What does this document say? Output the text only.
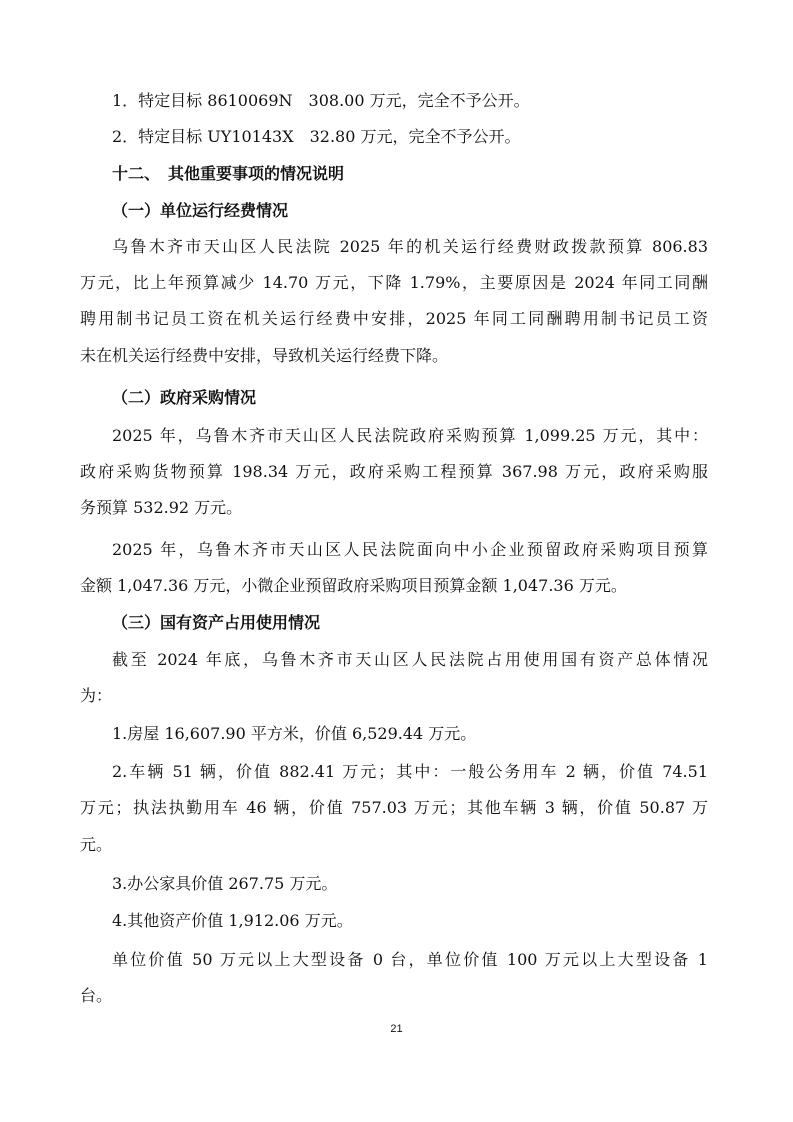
1．特定目标 8610069N　308.00 万元，完全不予公开。
2．特定目标 UY10143X　32.80 万元，完全不予公开。
十二、　其他重要事项的情况说明
（一）单位运行经费情况
乌鲁木齐市天山区人民法院 2025 年的机关运行经费财政拨款预算 806.83
万元，比上年预算减少 14.70 万元，下降 1.79%，主要原因是 2024 年同工同酬
聘用制书记员工资在机关运行经费中安排，2025 年同工同酬聘用制书记员工资
未在机关运行经费中安排，导致机关运行经费下降。
（二）政府采购情况
2025 年，乌鲁木齐市天山区人民法院政府采购预算 1,099.25 万元，其中：
政府采购货物预算 198.34 万元，政府采购工程预算 367.98 万元，政府采购服
务预算 532.92 万元。
2025 年，乌鲁木齐市天山区人民法院面向中小企业预留政府采购项目预算
金额 1,047.36 万元，小微企业预留政府采购项目预算金额 1,047.36 万元。
（三）国有资产占用使用情况
截至 2024 年底，乌鲁木齐市天山区人民法院占用使用国有资产总体情况
为：
1.房屋 16,607.90 平方米，价值 6,529.44 万元。
2.车辆 51 辆，价值 882.41 万元；其中：一般公务用车 2 辆，价值 74.51
万元；执法执勤用车 46 辆，价值 757.03 万元；其他车辆 3 辆，价值 50.87 万
元。
3.办公家具价值 267.75 万元。
4.其他资产价值 1,912.06 万元。
单位价值 50 万元以上大型设备 0 台，单位价值 100 万元以上大型设备 1
台。
21
